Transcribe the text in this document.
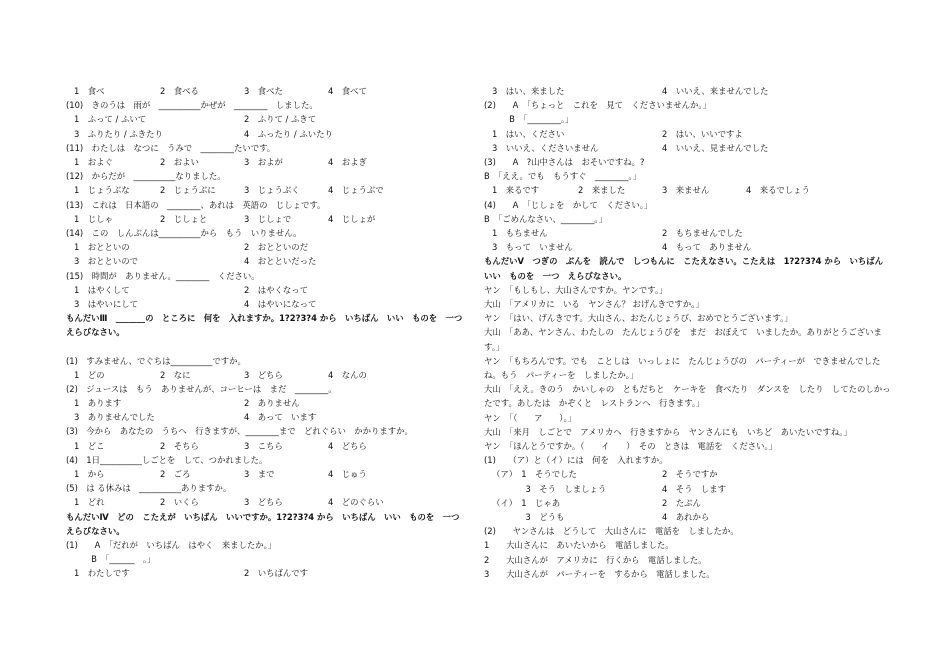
1　食べ	2　食べる	3　食べた	4　食べて
(10)　きのうは　雨が　__________かぜが　________　しました。
1　ふって / ふいて	2　ふりて / ふきて
3　ふりたり / ふきたり	4　ふったり / ふいたり
(11)　わたしは　なつに　うみで　________たいです。
1　およぐ	2　およい	3　およが	4　およぎ
(12)　からだが　__________なりました。
1　じょうぶな	2　じょうぶに	3　じょうぶく	4　じょうぶで
(13)　これは　日本語の　________、あれは　英語の　じしょです。
1　じしゃ	2　じしょと	3　じしょで	4　じしょが
(14)　この　しんぶんは__________から　もう　いりません。
1　おとといの	2　おとといのだ
3　おとといので	4　おとといだった
(15)　時間が　ありません。________　ください。
1　はやくして	2　はやくなって
3　はやいにして	4　はやいになって
もんだいⅢ　_______の　ところに　何を　入れますか。1?2?3?4 から　いちばん　いい　ものを　一つ　えらびなさい。
(1)　すみません、でぐちは__________ですか。
1　どの	2　なに	3　どちら	4　なんの
(2)　ジュースは　もう　ありませんが、コーヒーは　まだ　________。
1　あります	2　ありません
3　ありませんでした	4　あって　います
(3)　今から　あなたの　うちへ　行きますが、________まで　どれぐらい　かかりますか。
1　どこ	2　そちら	3　こちら	4　どちら
(4)　1日__________しごとを　して、つかれました。
1　から	2　ごろ	3　まで	4　じゅう
(5)　は る休みは　__________ありますか。
1　どれ	2　いくら	3　どちら	4　どのぐらい
もんだいⅣ　どの　こたえが　いちばん　いいですか。1?2?3?4 から　いちばん　いい　ものを　一つ　えらびなさい。
(1)　　A　「だれが　いちばん　はやく　来ましたか。」
　　　B　「______　。」
1　わたしです	2　いちばんです
3　はい、来ました	4　いいえ、来ませんでした
(2)　　A　「ちょっと　これを　見て　くださいませんか。」
　　　B　「________。」
1　はい、ください	2　はい、いいですよ
3　いいえ、くださいません	4　いいえ、見ませんでした
(3)　　A　?山中さんは　おそいですね。?
B　「ええ。でも　もうすぐ　________。」
1　来るです	2　来ました	3　来ません	4　来るでしょう
(4)　　A　「じしょを　かして　ください。」
B　「ごめんなさい、________。」
1　もちません	2　もちませんでした
3　もって　いません	4　もって　ありません
もんだいⅤ　つぎの　ぶんを　読んで　しつもんに　こたえなさい。こたえは　1?2?3?4 から　いちばん　いい　ものを　一つ　えらびなさい。
ヤン　「もしもし、大山さんですか。ヤンです。」
大山　「アメリカに　いる　ヤンさん？ おげんきですか。」
ヤン　「はい、げんきです。大山さん、おたんじょうび、おめでとうございます。」
大山　「ああ、ヤンさん、わたしの　たんじょうびを　まだ　おぼえて　いましたか。ありがとうございます。」
ヤン　「もちろんです。でも　ことしは　いっしょに　たんじょうびの　パーティーが　できませんでしたね。もう　パーティーを　しましたか。」
大山　「ええ。きのう　かいしゃの　ともだちと　ケーキを　食べたり　ダンスを　したり　してたのしかったです。あしたは　かぞくと　レストランへ　行きます。」
ヤン　「（　　ア　　）。」
大山　「来月　しごとで　アメリカへ　行きますから　ヤンさんにも　いちど　あいたいですね。」
ヤン　「ほんとうですか。（　　イ　　）　その　ときは　電話を　ください。」
(1)　　（ア）と（イ）には　何を　入れますか。
（ア）　1　そうでした	2　そうですか
　　　　3　そう　しましょう	4　そう　します
（イ）　1　じゃあ	2　たぶん
　　　　3　どうも	4　あれから
(2)　　ヤンさんは　どうして　大山さんに　電話を　しましたか。
1　　大山さんに　あいたいから　電話しました。
2　　大山さんが　アメリカに　行くから　電話しました。
3　　大山さんが　パーティーを　するから　電話しました。
